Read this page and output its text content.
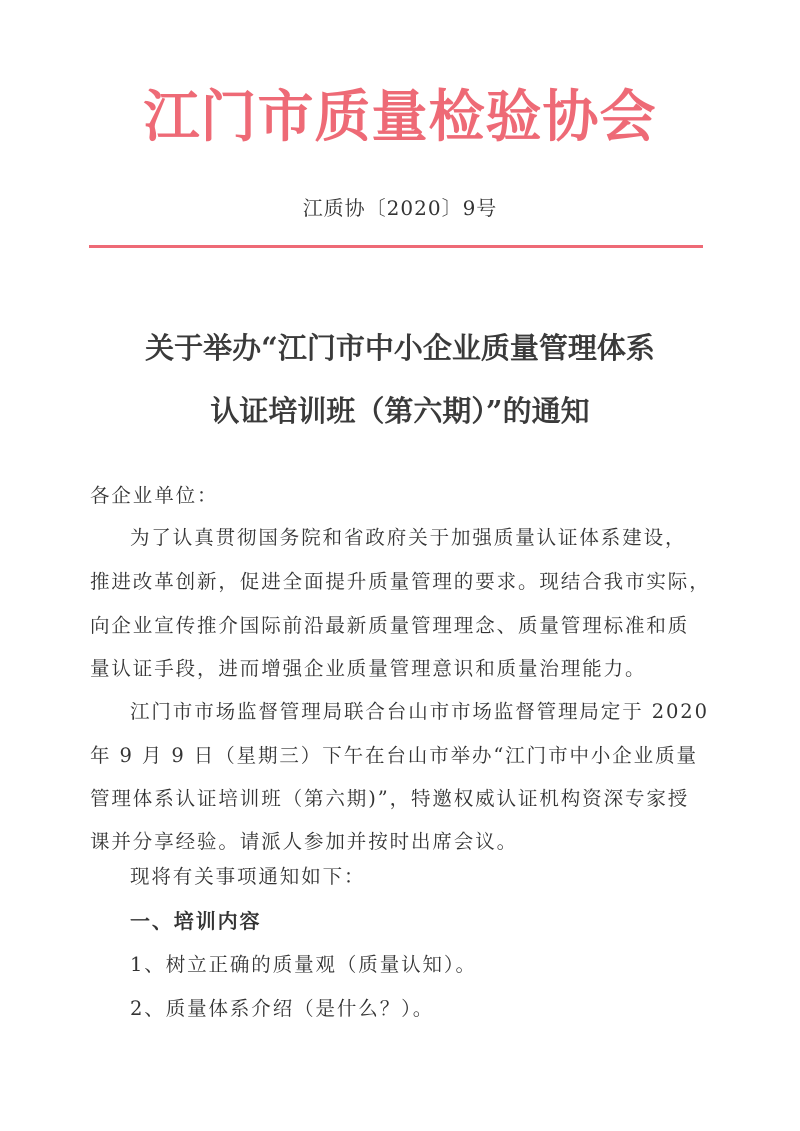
江门市质量检验协会
江质协〔2020〕9号
关于举办“江门市中小企业质量管理体系
认证培训班（第六期）”的通知
各企业单位：
为了认真贯彻国务院和省政府关于加强质量认证体系建设，
推进改革创新，促进全面提升质量管理的要求。现结合我市实际，
向企业宣传推介国际前沿最新质量管理理念、质量管理标准和质
量认证手段，进而增强企业质量管理意识和质量治理能力。
江门市市场监督管理局联合台山市市场监督管理局定于 2020
年 9 月 9 日（星期三）下午在台山市举办“江门市中小企业质量
管理体系认证培训班（第六期)”，特邀权威认证机构资深专家授
课并分享经验。请派人参加并按时出席会议。
现将有关事项通知如下：
一、培训内容
1、树立正确的质量观（质量认知）。
2、质量体系介绍（是什么？）。
